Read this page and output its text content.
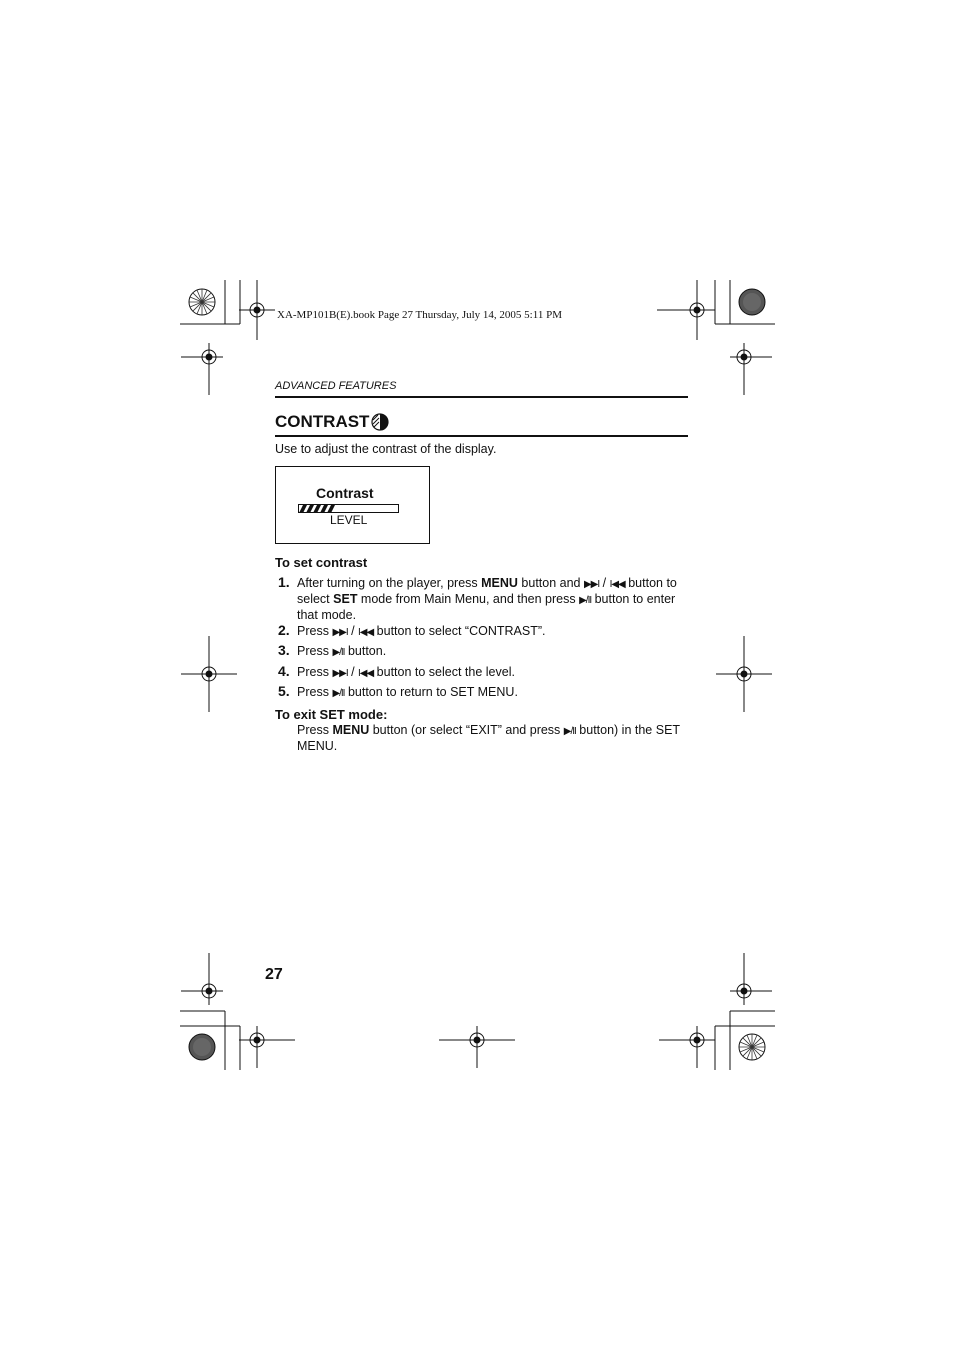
XA-MP101B(E).book Page 27 Thursday, July 14, 2005 5:11 PM
ADVANCED FEATURES
CONTRAST
Use to adjust the contrast of the display.
Contrast
LEVEL
To set contrast
1. After turning on the player, press MENU button and ▶▶I / I◀◀ button to select SET mode from Main Menu, and then press ▶/II button to enter that mode.
2. Press ▶▶I / I◀◀ button to select “CONTRAST”.
3. Press ▶/II button.
4. Press ▶▶I / I◀◀ button to select the level.
5. Press ▶/II button to return to SET MENU.
To exit SET mode:
Press MENU button (or select “EXIT” and press ▶/II button) in the SET MENU.
27
